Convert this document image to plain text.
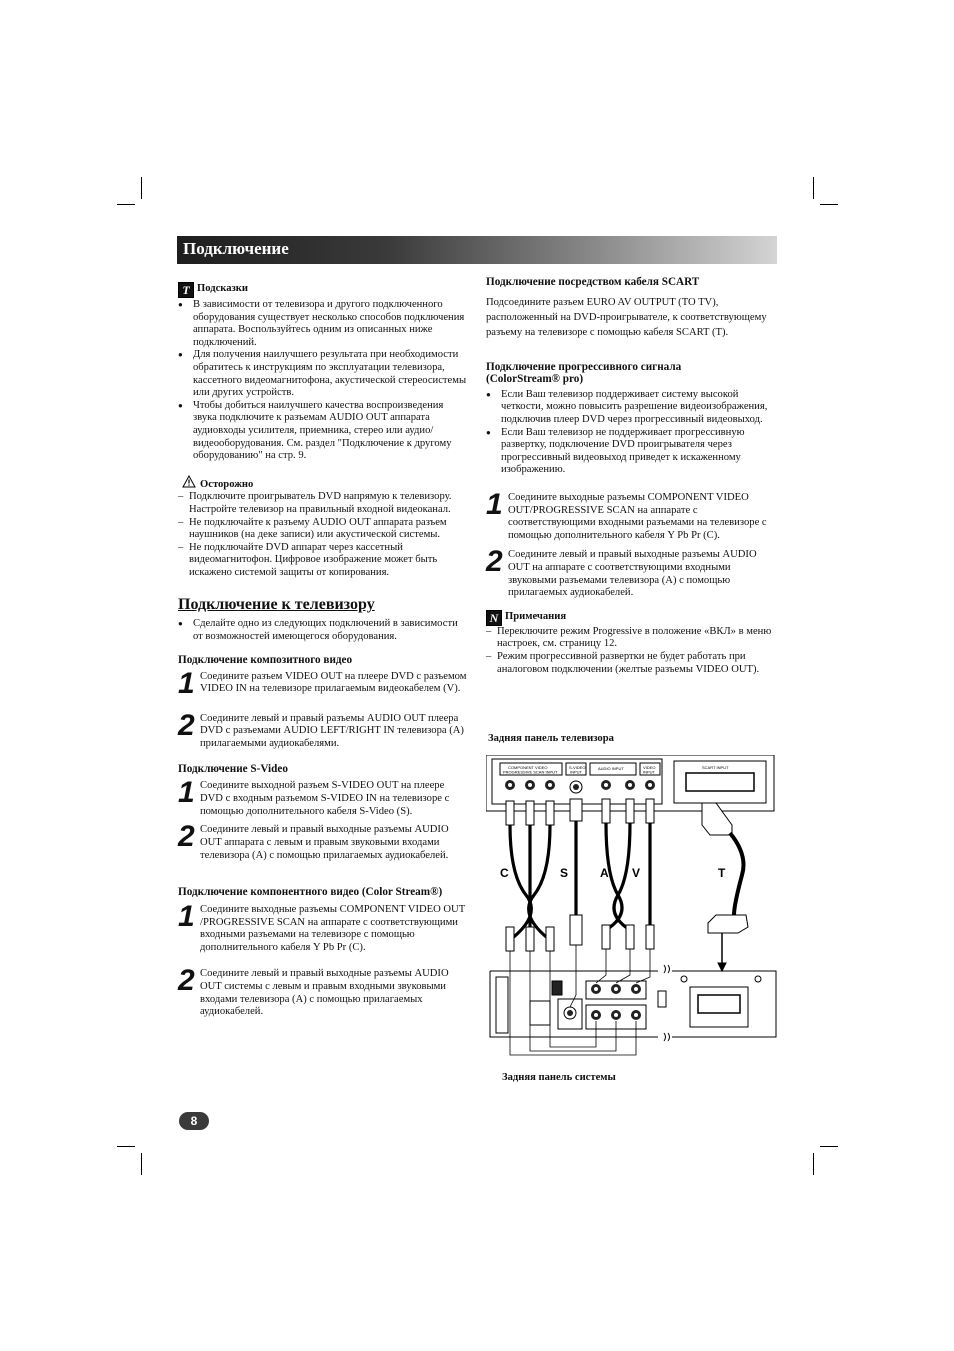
Подключение
T Подсказки

● В зависимости от телевизора и другого подключенного оборудования существует несколько способов подключения аппарата. Воспользуйтесь одним из описанных ниже подключений.

● Для получения наилучшего результата при необходимости обратитесь к инструкциям по эксплуатации телевизора, кассетного видеомагнитофона, акустической стереосистемы или других устройств.

● Чтобы добиться наилучшего качества воспроизведения звука подключите к разъемам AUDIO OUT аппарата аудиовходы усилителя, приемника, стерео или аудио/видеооборудования. См. раздел "Подключение к другому оборудованию" на стр. 9.

Осторожно

– Подключите проигрыватель DVD напрямую к телевизору. Настройте телевизор на правильный входной видеоканал.

– Не подключайте к разъему AUDIO OUT аппарата разъем наушников (на деке записи) или акустической системы.

– Не подключайте DVD аппарат через кассетный видеомагнитофон. Цифровое изображение может быть искажено системой защиты от копирования.

Подключение к телевизору

● Сделайте одно из следующих подключений в зависимости от возможностей имеющегося оборудования.

Подключение композитного видео
1 Соедините разъем VIDEO OUT на плеере DVD с разъемом VIDEO IN на телевизоре прилагаемым видеокабелем (V).
2 Соедините левый и правый разъемы AUDIO OUT плеера DVD с разъемами AUDIO LEFT/RIGHT IN телевизора (A) прилагаемыми аудиокабелями.
Подключение S-Video
1 Соедините выходной разъем S-VIDEO OUT на плеере DVD с входным разъемом S-VIDEO IN на телевизоре с помощью дополнительного кабеля S-Video (S).
2 Соедините левый и правый выходные разъемы AUDIO OUT аппарата с левым и правым звуковыми входами телевизора (A) с помощью прилагаемых аудиокабелей.
Подключение компонентного видео (Color Stream®)
1 Соедините выходные разъемы COMPONENT VIDEO OUT /PROGRESSIVE SCAN на аппарате с соответствующими входными разъемами на телевизоре с помощью дополнительного кабеля Y Pb Pr (C).
2 Соедините левый и правый выходные разъемы AUDIO OUT системы с левым и правым входными звуковыми входами телевизора (A) с помощью прилагаемых аудиокабелей.
8
Подключение посредством кабеля SCART

Подсоедините разъем EURO AV OUTPUT (TO TV), расположенный на DVD-проигрывателе, к соответствующему разъему на телевизоре с помощью кабеля SCART (T).

Подключение прогрессивного сигнала (ColorStream® pro)

● Если Ваш телевизор поддерживает систему высокой четкости, можно повысить разрешение видеоизображения, подключив плеер DVD через прогрессивный видеовыход.

● Если Ваш телевизор не поддерживает прогрессивную развертку, подключение DVD проигрывателя через прогрессивный видеовыход приведет к искаженному изображению.

1 Соедините выходные разъемы COMPONENT VIDEO OUT/PROGRESSIVE SCAN на аппарате с соответствующими входными разъемами на телевизоре с помощью дополнительного кабеля Y Pb Pr (C).
2 Соедините левый и правый выходные разъемы AUDIO OUT на аппарате с соответствующими входными звуковыми разъемами телевизора (A) с помощью прилагаемых аудиокабелей.
N Примечания

– Переключите режим Progressive в положение «ВКЛ» в меню настроек, см. страницу 12.

– Режим прогрессивной развертки не будет работать при аналоговом подключении (желтые разъемы VIDEO OUT).

Задняя панель телевизора
Задняя панель системы
COMPONENT VIDEO
PROGRESSIVE SCAN INPUT
S-VIDEO
INPUT
AUDIO INPUT	VIDEO
INPUT
SCART INPUT
C	S	A V	T
